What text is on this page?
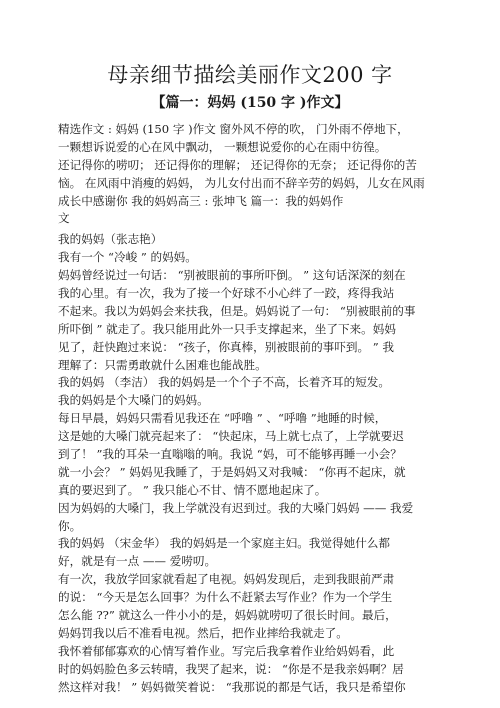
母亲细节描绘美丽作文200 字
【篇一：妈妈 (150 字 )作文】
精选作文 : 妈妈 (150 字 )作文 窗外风不停的吹， 门外雨不停地下，
一颗想诉说爱的心在风中飘动， 一颗想说爱你的心在雨中彷徨。
还记得你的唠叨； 还记得你的理解； 还记得你的无奈； 还记得你的苦
恼。 在风雨中消瘦的妈妈， 为儿女付出而不辞辛劳的妈妈，儿女在风雨
成长中感谢你 我的妈妈高三 : 张坤飞 篇一：我的妈妈作
文
我的妈妈（张志艳）
我有一个 “冷峻 ” 的妈妈。
妈妈曾经说过一句话： “别被眼前的事所吓倒。 ” 这句话深深的刻在
我的心里。有一次，我为了接一个好球不小心绊了一跤，疼得我站
不起来。我以为妈妈会来扶我，但是。妈妈说了一句： “别被眼前的事
所吓倒 ” 就走了。我只能用此外一只手支撑起来，坐了下来。妈妈
见了，赶快跑过来说： “孩子，你真棒，别被眼前的事吓到。 ” 我
理解了：只需勇敢就什么困难也能战胜。
我的妈妈 （李洁） 我的妈妈是一个个子不高，长着齐耳的短发。
我的妈妈是个大嗓门的妈妈。
每日早晨，妈妈只需看见我还在 “呼噜 ” 、“呼噜 ”地睡的时候，
这是她的大嗓门就亮起来了： “快起床，马上就七点了，上学就要迟
到了！ ”我的耳朵一直嗡嗡的响。我说 “妈，可不能够再睡一小会？
就一小会？ ” 妈妈见我睡了，于是妈妈又对我喊： “你再不起床，就
真的要迟到了。 ” 我只能心不甘、情不愿地起床了。
因为妈妈的大嗓门，我上学就没有迟到过。我的大嗓门妈妈 —— 我爱
你。
我的妈妈 （宋金华） 我的妈妈是一个家庭主妇。我觉得她什么都
好，就是有一点 —— 爱唠叨。
有一次，我放学回家就看起了电视。妈妈发现后，走到我眼前严肃
的说： “今天是怎么回事？为什么不赶紧去写作业？作为一个学生
怎么能 ??” 就这么一件小小的是，妈妈就唠叨了很长时间。最后，
妈妈罚我以后不准看电视。然后，把作业摔给我就走了。
我怀着郁郁寡欢的心情写着作业。写完后我拿着作业给妈妈看，此
时的妈妈脸色多云转晴，我哭了起来，说： “你是不是我亲妈啊？居
然这样对我！ ” 妈妈微笑着说： “我那说的都是气话，我只是希望你
